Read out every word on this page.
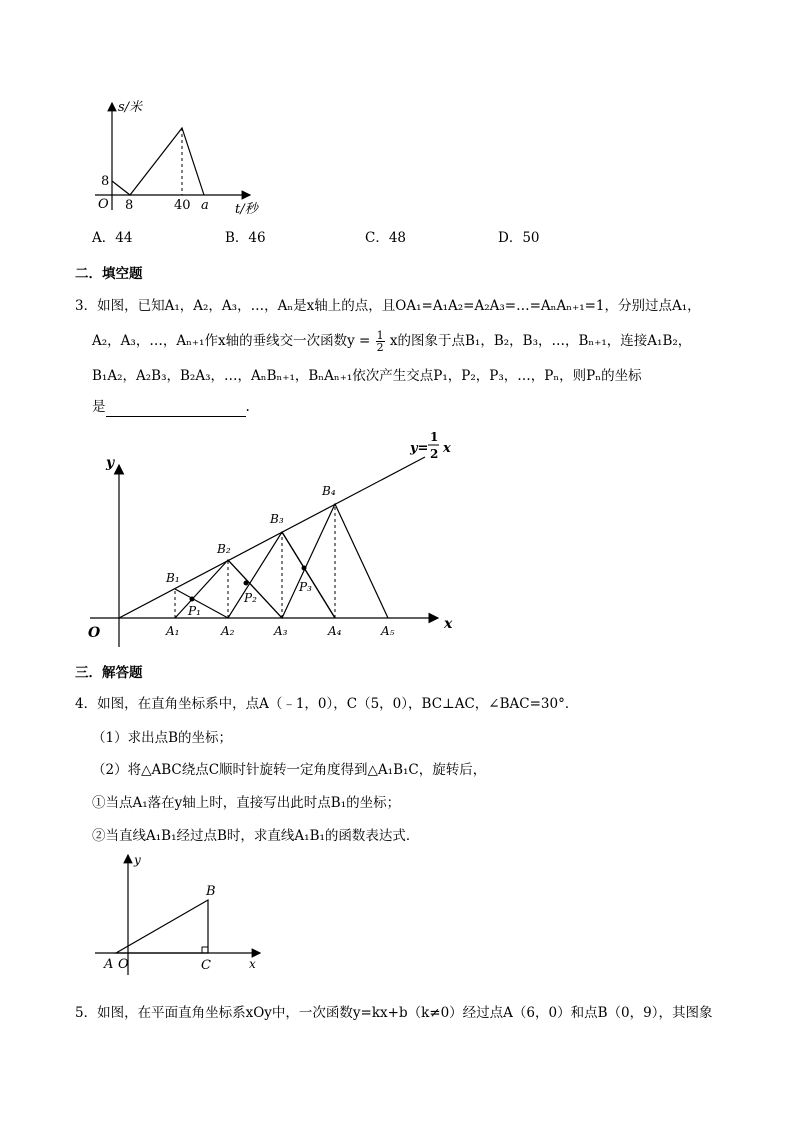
s/米
t/秒
O
8
8	40 a
A．44	B．46	C．48	D．50
二．填空题
3．如图，已知A₁，A₂，A₃，…，Aₙ是x轴上的点，且OA₁=A₁A₂=A₂A₃=…=AₙAₙ₊₁=1，分别过点A₁，
A₂，A₃，…，Aₙ₊₁作x轴的垂线交一次函数$y = \frac{1}{2}$ x的图象于点B₁，B₂，B₃，…，Bₙ₊₁，连接A₁B₂，
B₁A₂，A₂B₃，B₂A₃，…，AₙBₙ₊₁，BₙAₙ₊₁依次产生交点P₁，P₂，P₃，…，Pₙ，则Pₙ的坐标
是	.
y=
1
2 x
y
x
O	A₁	A₂	A₃	A₄	A₅
B₁
B₂
B₃
B₄
P₁
P₂
P₃
三．解答题
4．如图，在直角坐标系中，点A（﹣1，0），C（5，0），BC⊥AC，∠BAC=30°．
（1）求出点B的坐标；
（2）将△ABC绕点C顺时针旋转一定角度得到△A₁B₁C，旋转后，
①当点A₁落在y轴上时，直接写出此时点B₁的坐标；
②当直线A₁B₁经过点B时，求直线A₁B₁的函数表达式．
y
x
A O
B
C
5．如图，在平面直角坐标系xOy中，一次函数y=kx+b（k≠0）经过点A（6，0）和点B（0，9），其图象
